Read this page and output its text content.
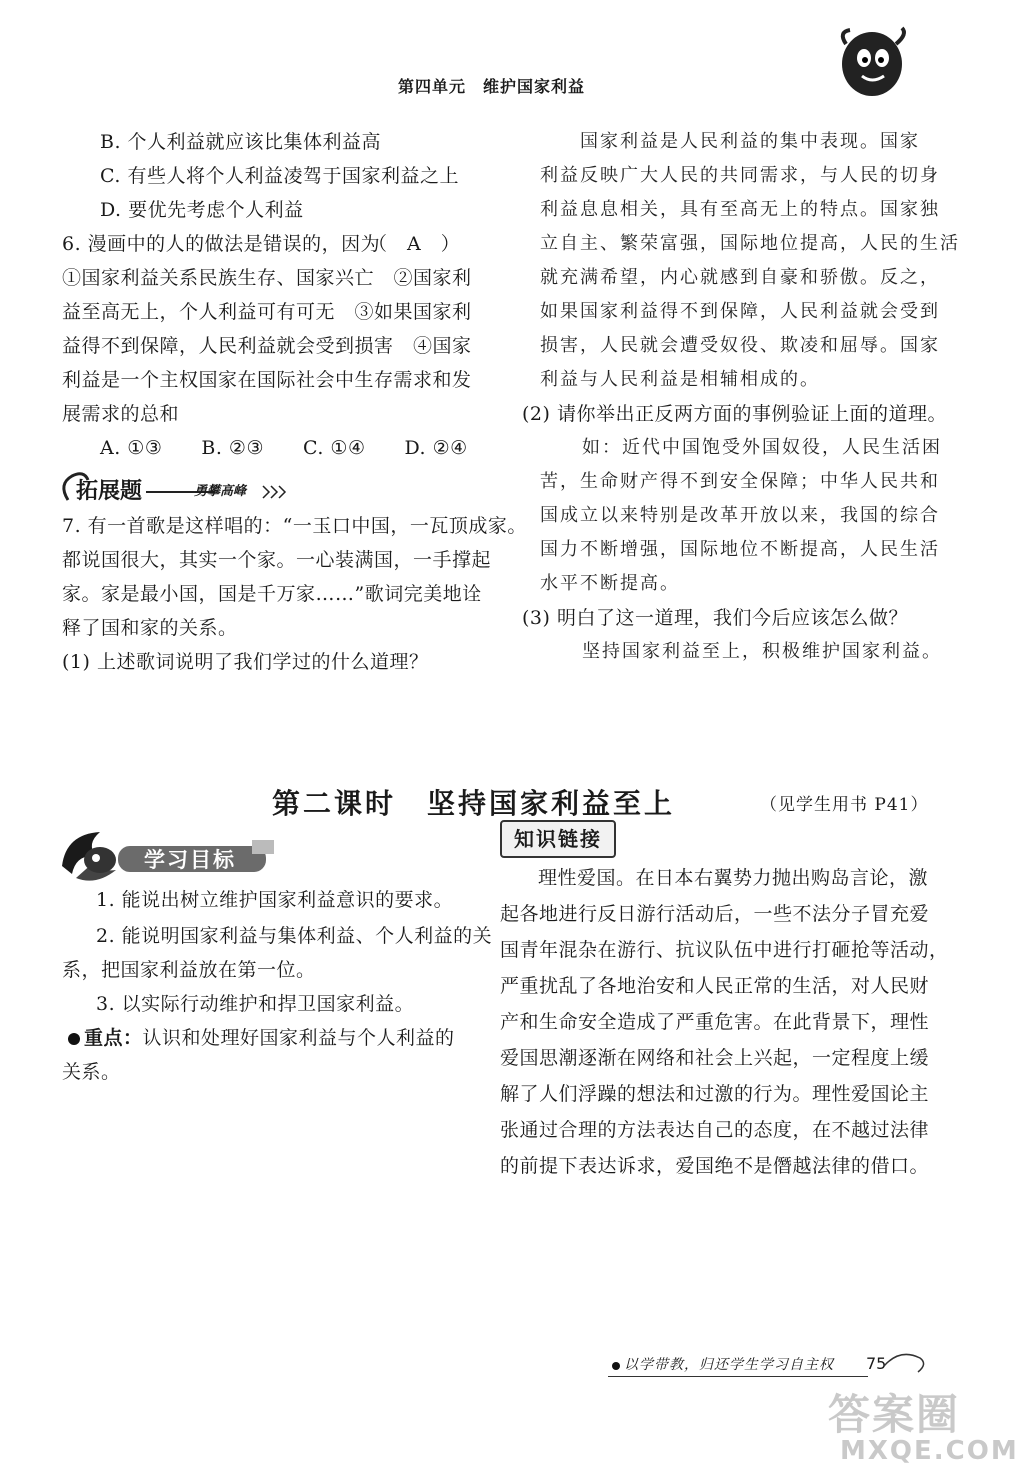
第四单元　维护国家利益
B. 个人利益就应该比集体利益高
C. 有些人将个人利益凌驾于国家利益之上
D. 要优先考虑个人利益
6. 漫画中的人的做法是错误的，因为
（　A　）
①国家利益关系民族生存、国家兴亡　②国家利
益至高无上，个人利益可有可无　③如果国家利
益得不到保障，人民利益就会受到损害　④国家
利益是一个主权国家在国际社会中生存需求和发
展需求的总和
A. ①③　　B. ②③　　C. ①④　　D. ②④
拓展题	勇攀高峰
7. 有一首歌是这样唱的：“一玉口中国，一瓦顶成家。
都说国很大，其实一个家。一心装满国，一手撑起
家。家是最小国，国是千万家……”歌词完美地诠
释了国和家的关系。
(1) 上述歌词说明了我们学过的什么道理？
国家利益是人民利益的集中表现。国家
利益反映广大人民的共同需求，与人民的切身
利益息息相关，具有至高无上的特点。国家独
立自主、繁荣富强，国际地位提高，人民的生活
就充满希望，内心就感到自豪和骄傲。反之，
如果国家利益得不到保障，人民利益就会受到
损害，人民就会遭受奴役、欺凌和屈辱。国家
利益与人民利益是相辅相成的。
(2) 请你举出正反两方面的事例验证上面的道理。
如：近代中国饱受外国奴役，人民生活困
苦，生命财产得不到安全保障；中华人民共和
国成立以来特别是改革开放以来，我国的综合
国力不断增强，国际地位不断提高，人民生活
水平不断提高。
(3) 明白了这一道理，我们今后应该怎么做？
坚持国家利益至上，积极维护国家利益。
第二课时　坚持国家利益至上	（见学生用书 P41）
学习目标
1. 能说出树立维护国家利益意识的要求。
2. 能说明国家利益与集体利益、个人利益的关
系，把国家利益放在第一位。
3. 以实际行动维护和捍卫国家利益。
重点：认识和处理好国家利益与个人利益的
关系。
知识链接
理性爱国。在日本右翼势力抛出购岛言论，激
起各地进行反日游行活动后，一些不法分子冒充爱
国青年混杂在游行、抗议队伍中进行打砸抢等活动，
严重扰乱了各地治安和人民正常的生活，对人民财
产和生命安全造成了严重危害。在此背景下，理性
爱国思潮逐渐在网络和社会上兴起，一定程度上缓
解了人们浮躁的想法和过激的行为。理性爱国论主
张通过合理的方法表达自己的态度，在不越过法律
的前提下表达诉求，爱国绝不是僭越法律的借口。
以学带教，归还学生学习自主权 75
答案圈
MXQE.COM
